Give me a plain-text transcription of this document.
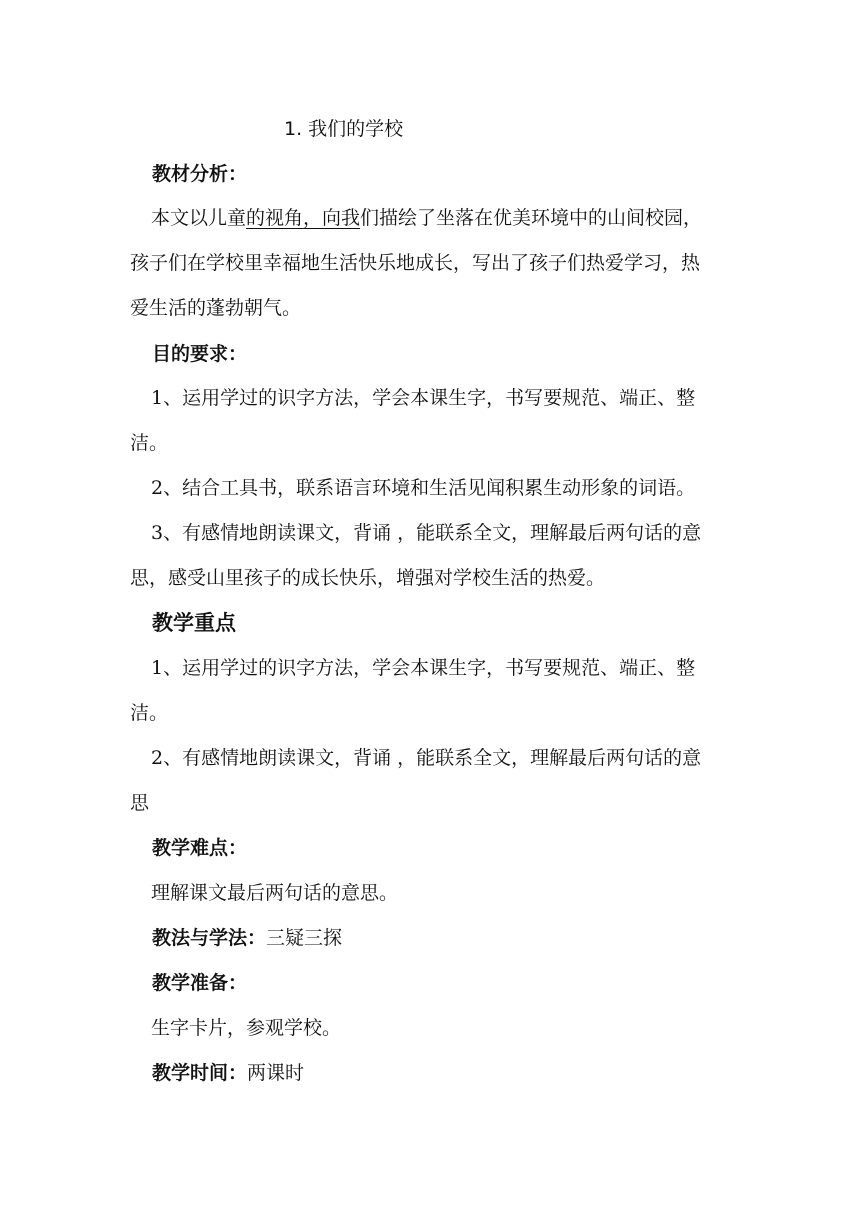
1. 我们的学校
教材分析：
本文以儿童的视角，向我们描绘了坐落在优美环境中的山间校园，
孩子们在学校里幸福地生活快乐地成长，写出了孩子们热爱学习，热
爱生活的蓬勃朝气。
目的要求：
1、运用学过的识字方法，学会本课生字，书写要规范、端正、整
洁。
2、结合工具书，联系语言环境和生活见闻积累生动形象的词语。
3、有感情地朗读课文，背诵 ，能联系全文，理解最后两句话的意
思，感受山里孩子的成长快乐，增强对学校生活的热爱。
教学重点
1、运用学过的识字方法，学会本课生字，书写要规范、端正、整
洁。
2、有感情地朗读课文，背诵 ，能联系全文，理解最后两句话的意
思
教学难点：
理解课文最后两句话的意思。
教法与学法：三疑三探
教学准备：
生字卡片，参观学校。
教学时间：两课时
